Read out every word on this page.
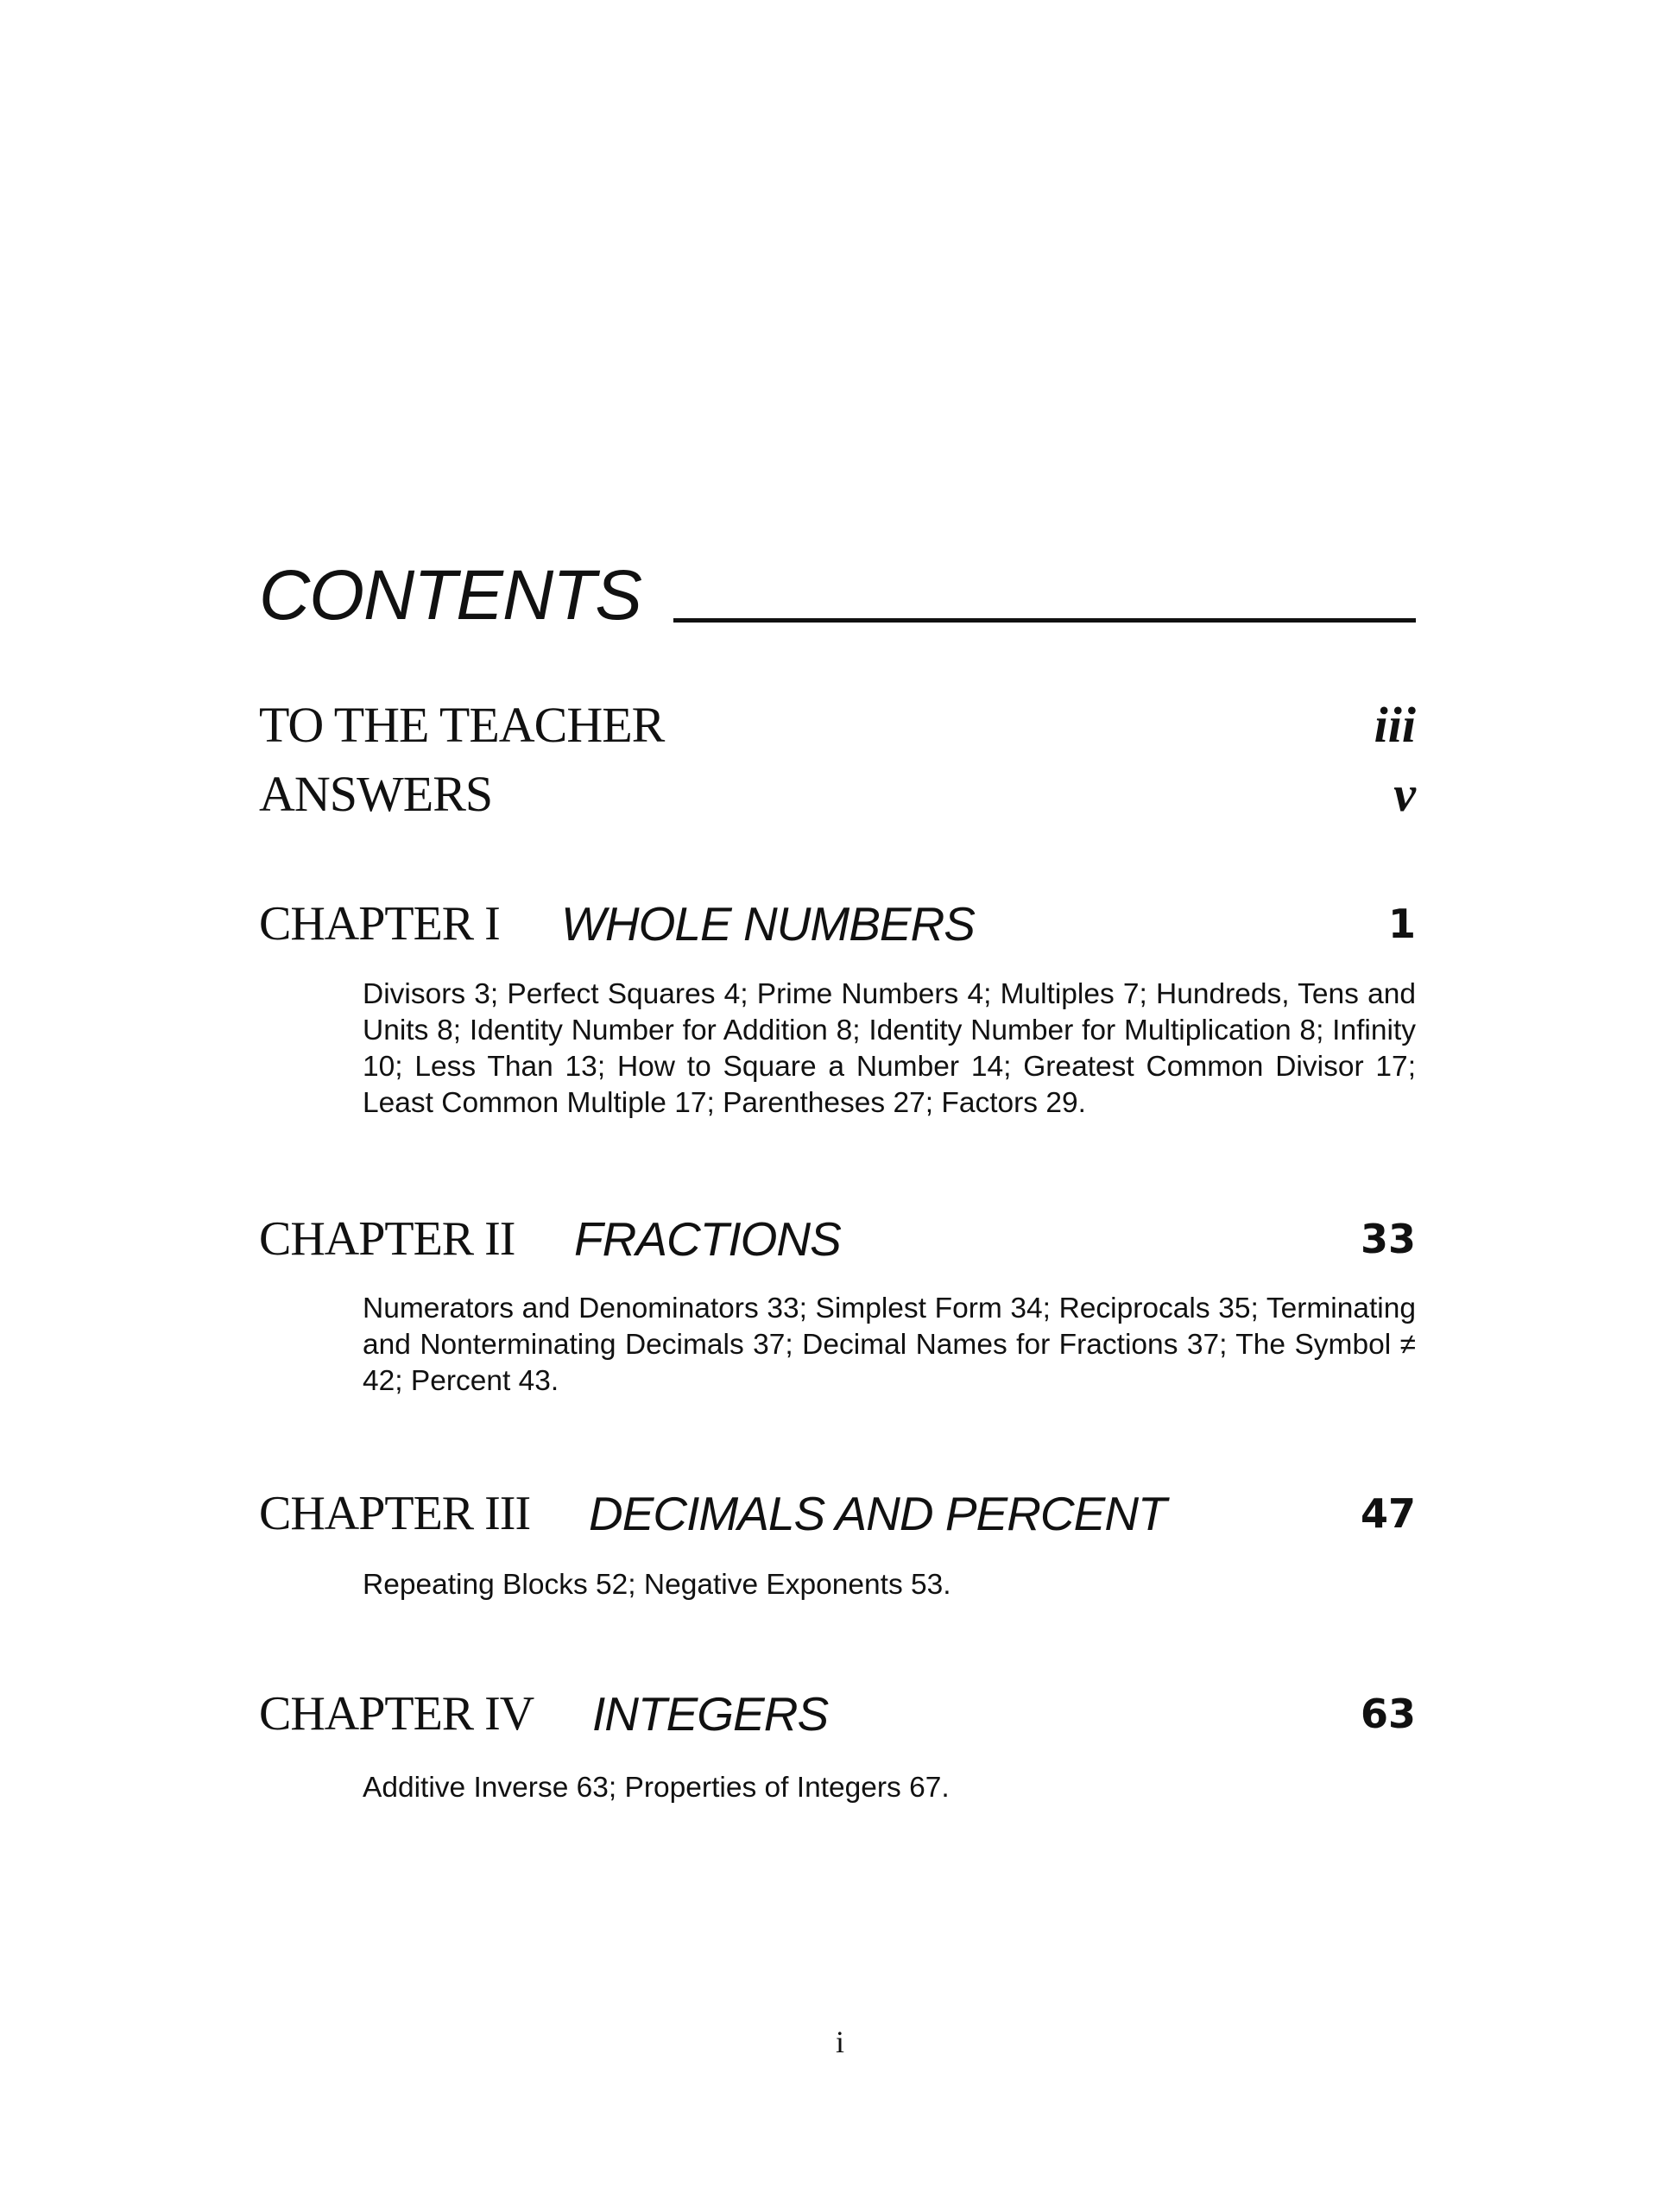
CONTENTS
TO THE TEACHER	iii
ANSWERS	v
CHAPTER I WHOLE NUMBERS	1

Divisors 3; Perfect Squares 4; Prime Numbers 4; Multiples 7; Hundreds, Tens and Units 8; Identity Number for Addition 8; Identity Number for Multiplication 8; Infinity 10; Less Than 13; How to Square a Number 14; Greatest Common Divisor 17; Least Common Multiple 17; Parentheses 27; Factors 29.

CHAPTER II FRACTIONS	33

Numerators and Denominators 33; Simplest Form 34; Reciprocals 35; Terminating and Nonterminating Decimals 37; Decimal Names for Fractions 37; The Symbol ≠ 42; Percent 43.

CHAPTER III DECIMALS AND PERCENT	47

Repeating Blocks 52; Negative Exponents 53.

CHAPTER IV INTEGERS	63

Additive Inverse 63; Properties of Integers 67.

i
